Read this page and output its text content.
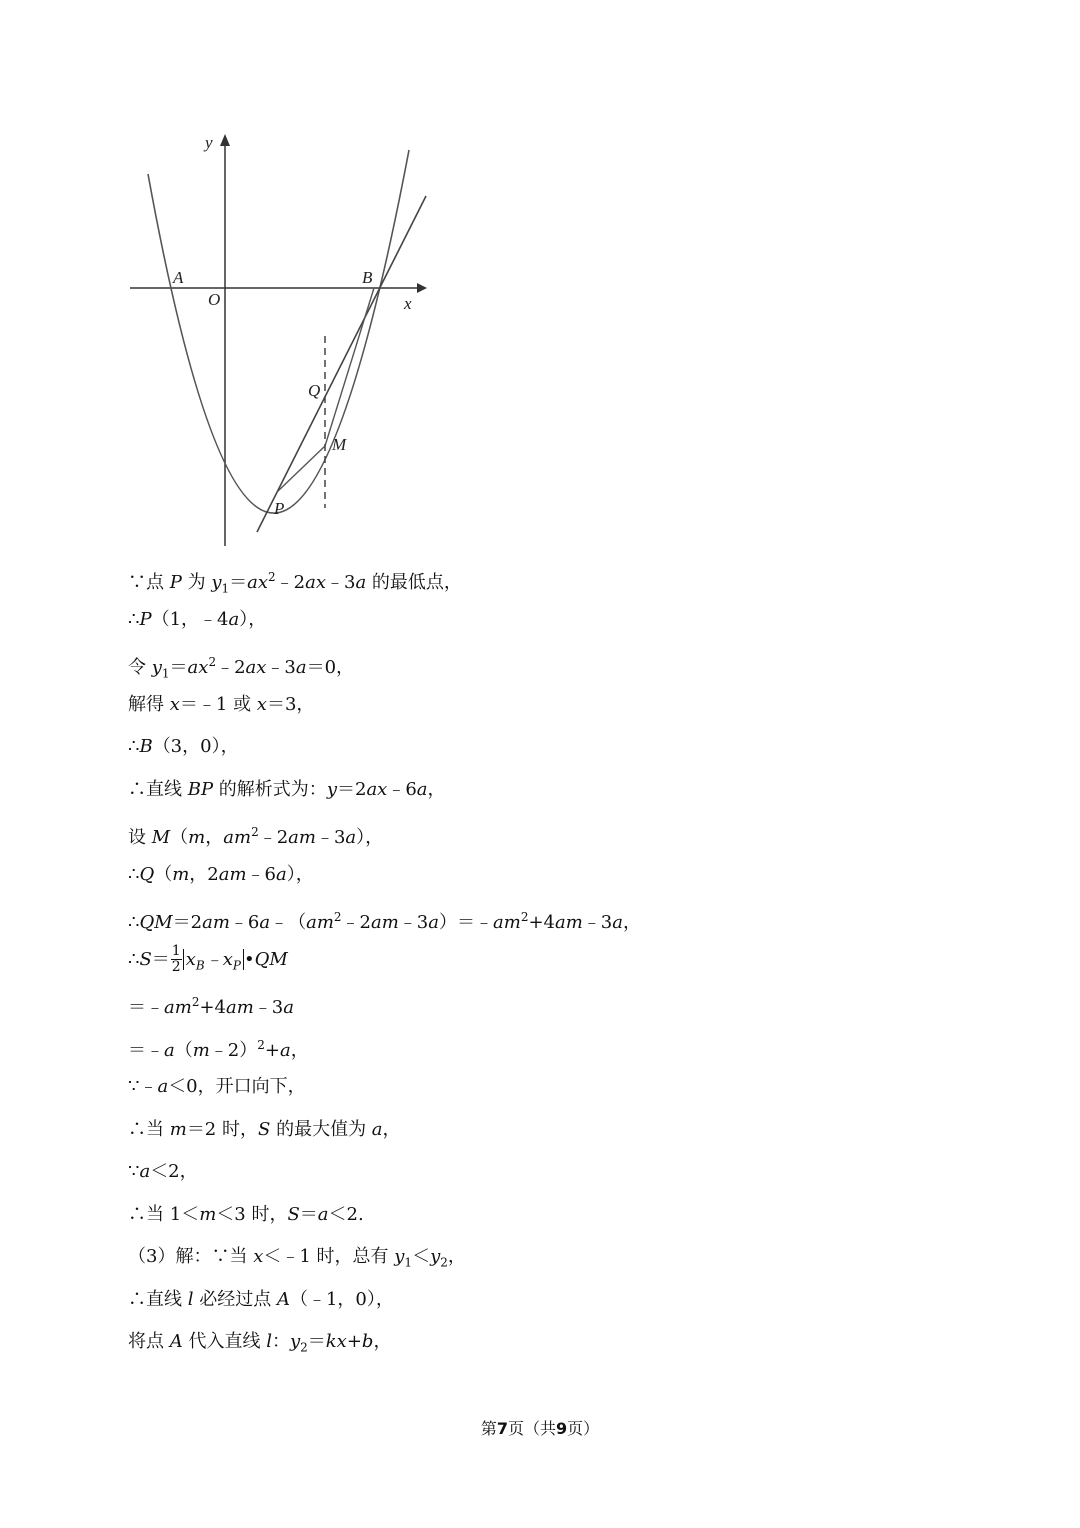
y
x
A
O
B
Q
M
P
∵点 P 为 $y_1=ax^2﹣2ax﹣3a$ 的最低点，
∴P（1，﹣4a），
令 $y_1=ax^2﹣2ax﹣3a=0$，
解得 x＝﹣1 或 x＝3，
∴B（3，0），
∴直线 BP 的解析式为：y＝2ax﹣6a，
设 M（m，$am^2﹣2am﹣3a$），
∴Q（m，2am﹣6a），
$\therefore QM=2am﹣6a﹣(am^2﹣2am﹣3a)=﹣am^2+4am﹣3a$，
∴S＝ $\frac{1}{2}$ $x_B﹣x_P$ •QM
$=﹣am^2+4am﹣3a$
＝﹣a（m﹣2）$^2$+a，
∵﹣a＜0，开口向下，
∴当 m＝2 时，S 的最大值为 a，
∵a＜2，
∴当 1＜m＜3 时，S＝a＜2.
（3）解：∵当 x＜﹣1 时，总有 $y_1<y_2$，
∴直线 l 必经过点 A（﹣1，0），
将点 A 代入直线 l：$y_2=kx+b$，
第7页（共9页）
